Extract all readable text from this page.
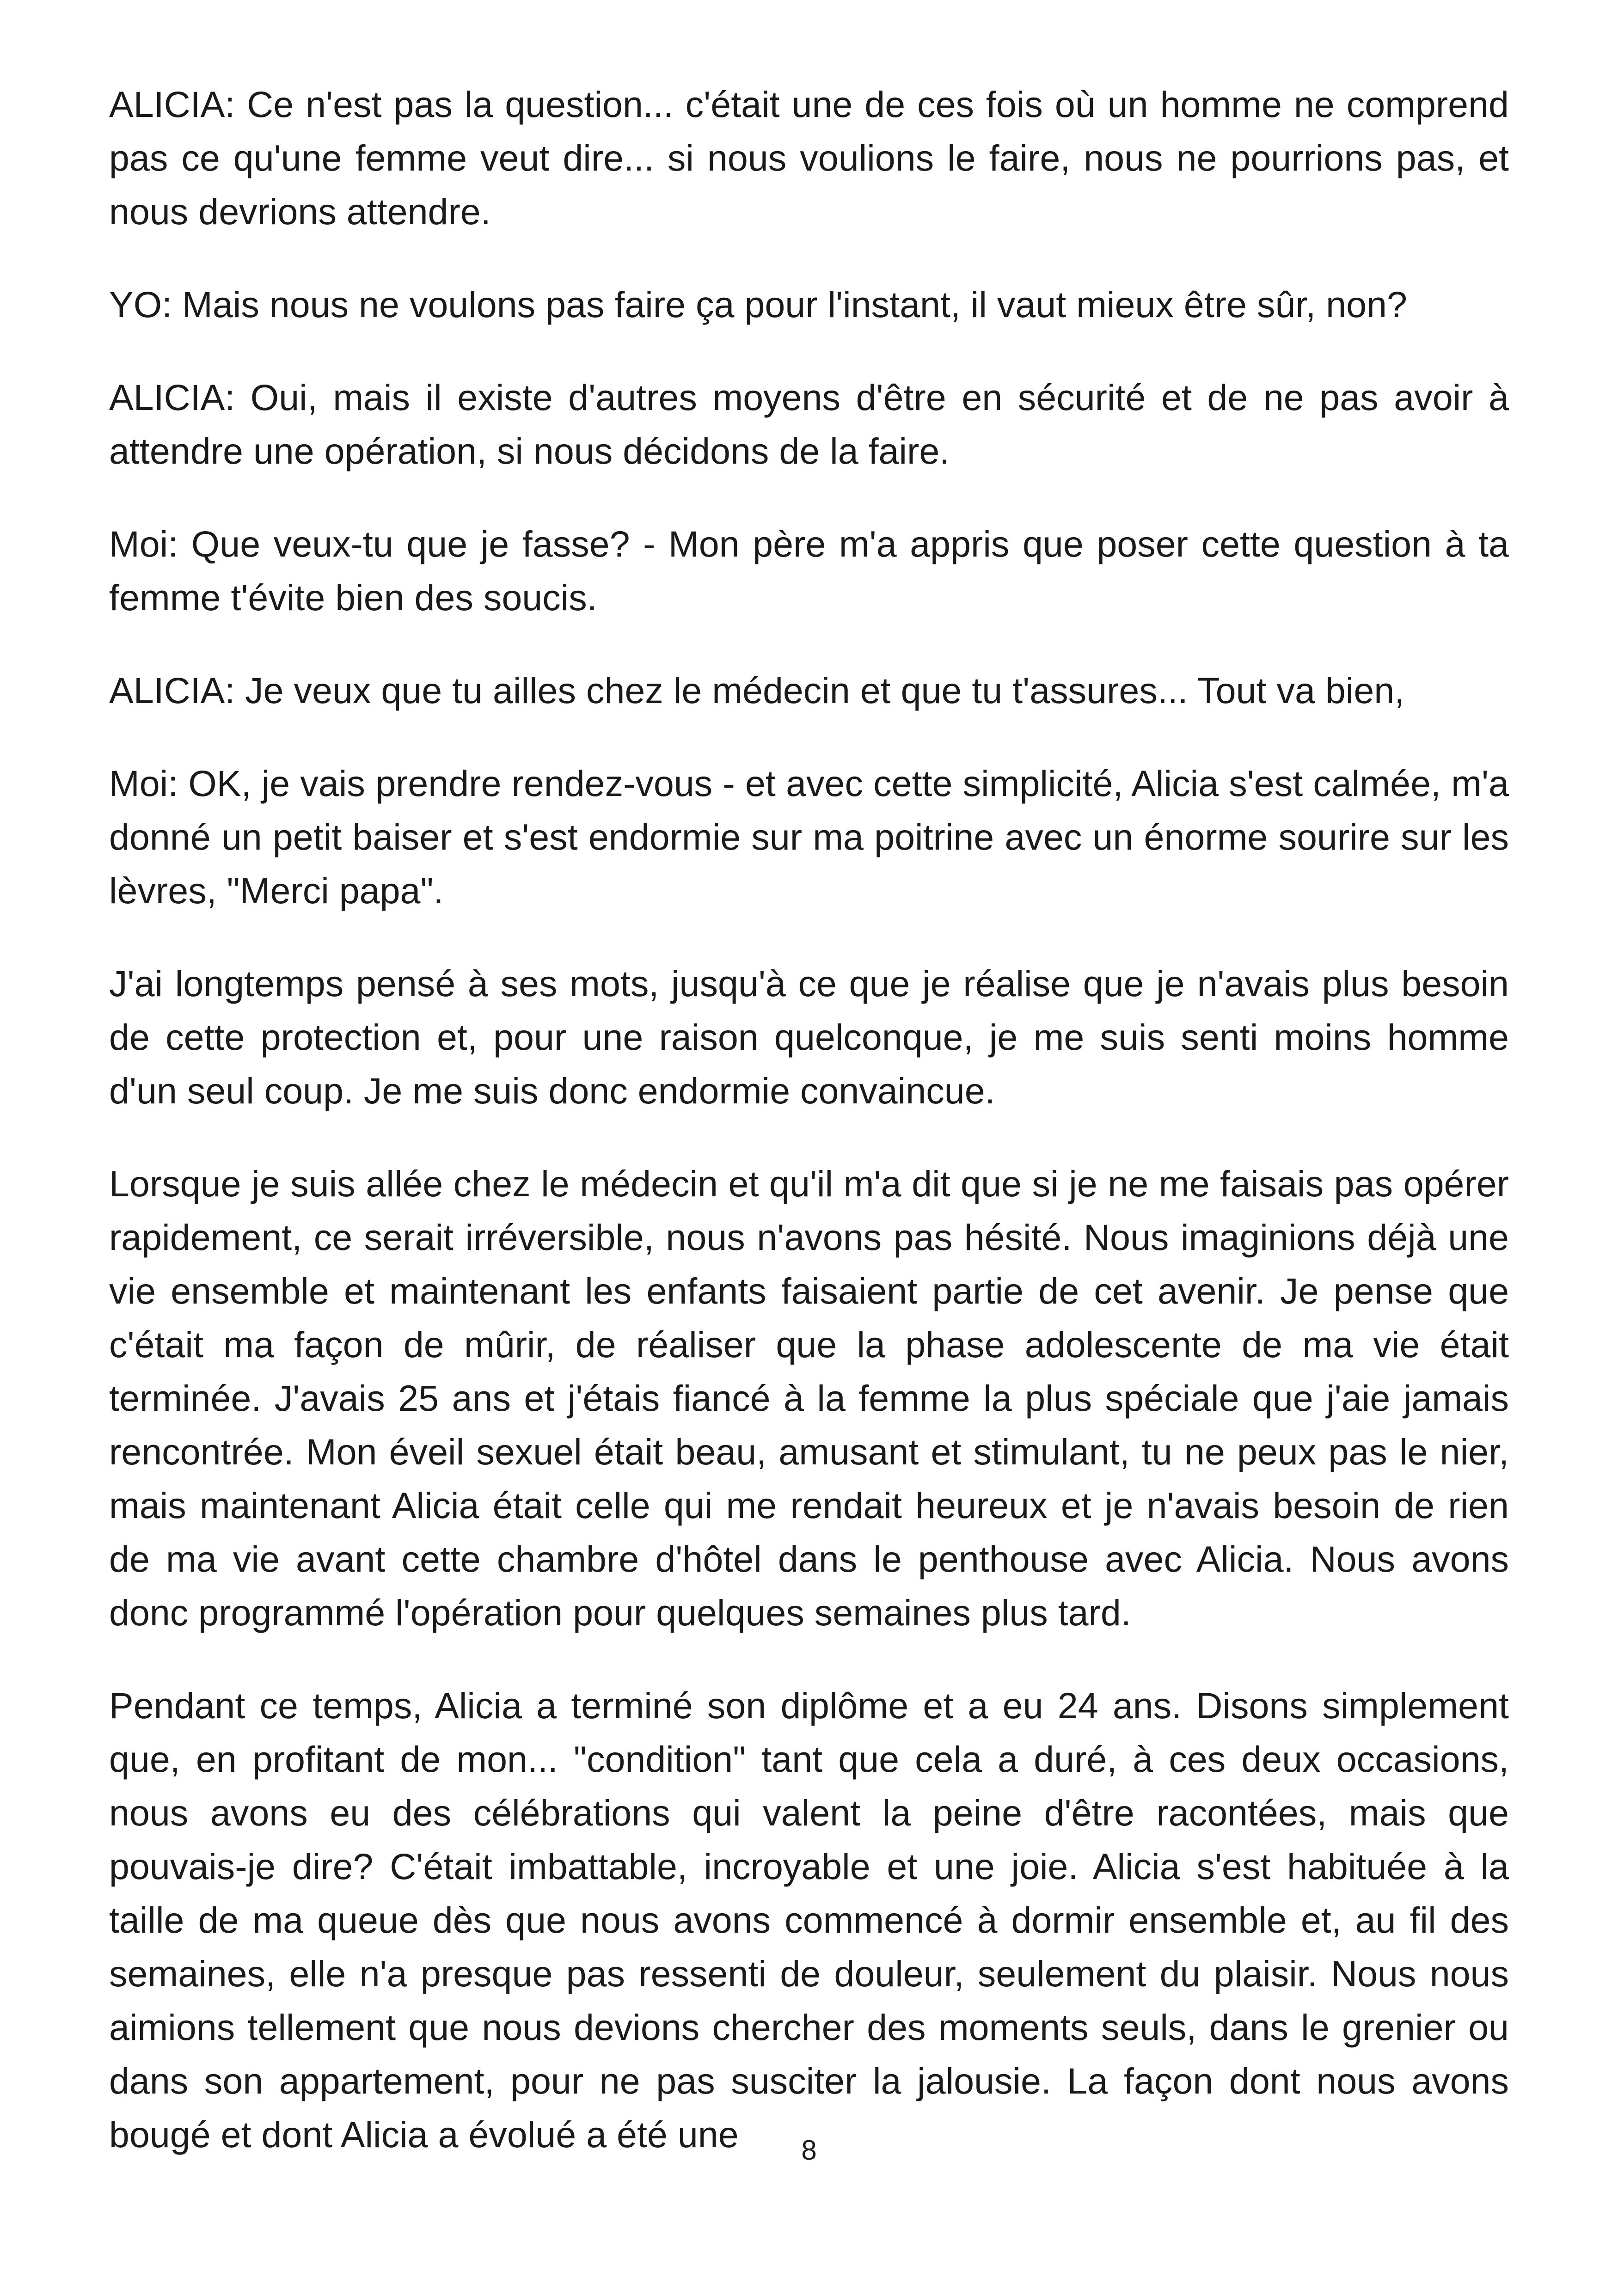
ALICIA: Ce n'est pas la question... c'était une de ces fois où un homme ne comprend pas ce qu'une femme veut dire... si nous voulions le faire, nous ne pourrions pas, et nous devrions attendre.

YO: Mais nous ne voulons pas faire ça pour l'instant, il vaut mieux être sûr, non?

ALICIA: Oui, mais il existe d'autres moyens d'être en sécurité et de ne pas avoir à attendre une opération, si nous décidons de la faire.

Moi: Que veux-tu que je fasse? - Mon père m'a appris que poser cette question à ta femme t'évite bien des soucis.

ALICIA: Je veux que tu ailles chez le médecin et que tu t'assures... Tout va bien,

Moi: OK, je vais prendre rendez-vous - et avec cette simplicité, Alicia s'est calmée, m'a donné un petit baiser et s'est endormie sur ma poitrine avec un énorme sourire sur les lèvres, "Merci papa".

J'ai longtemps pensé à ses mots, jusqu'à ce que je réalise que je n'avais plus besoin de cette protection et, pour une raison quelconque, je me suis senti moins homme d'un seul coup. Je me suis donc endormie convaincue.

Lorsque je suis allée chez le médecin et qu'il m'a dit que si je ne me faisais pas opérer rapidement, ce serait irréversible, nous n'avons pas hésité. Nous imaginions déjà une vie ensemble et maintenant les enfants faisaient partie de cet avenir. Je pense que c'était ma façon de mûrir, de réaliser que la phase adolescente de ma vie était terminée. J'avais 25 ans et j'étais fiancé à la femme la plus spéciale que j'aie jamais rencontrée. Mon éveil sexuel était beau, amusant et stimulant, tu ne peux pas le nier, mais maintenant Alicia était celle qui me rendait heureux et je n'avais besoin de rien de ma vie avant cette chambre d'hôtel dans le penthouse avec Alicia. Nous avons donc programmé l'opération pour quelques semaines plus tard.

Pendant ce temps, Alicia a terminé son diplôme et a eu 24 ans. Disons simplement que, en profitant de mon... "condition" tant que cela a duré, à ces deux occasions, nous avons eu des célébrations qui valent la peine d'être racontées, mais que pouvais-je dire? C'était imbattable, incroyable et une joie. Alicia s'est habituée à la taille de ma queue dès que nous avons commencé à dormir ensemble et, au fil des semaines, elle n'a presque pas ressenti de douleur, seulement du plaisir. Nous nous aimions tellement que nous devions chercher des moments seuls, dans le grenier ou dans son appartement, pour ne pas susciter la jalousie. La façon dont nous avons bougé et dont Alicia a évolué a été une	8
